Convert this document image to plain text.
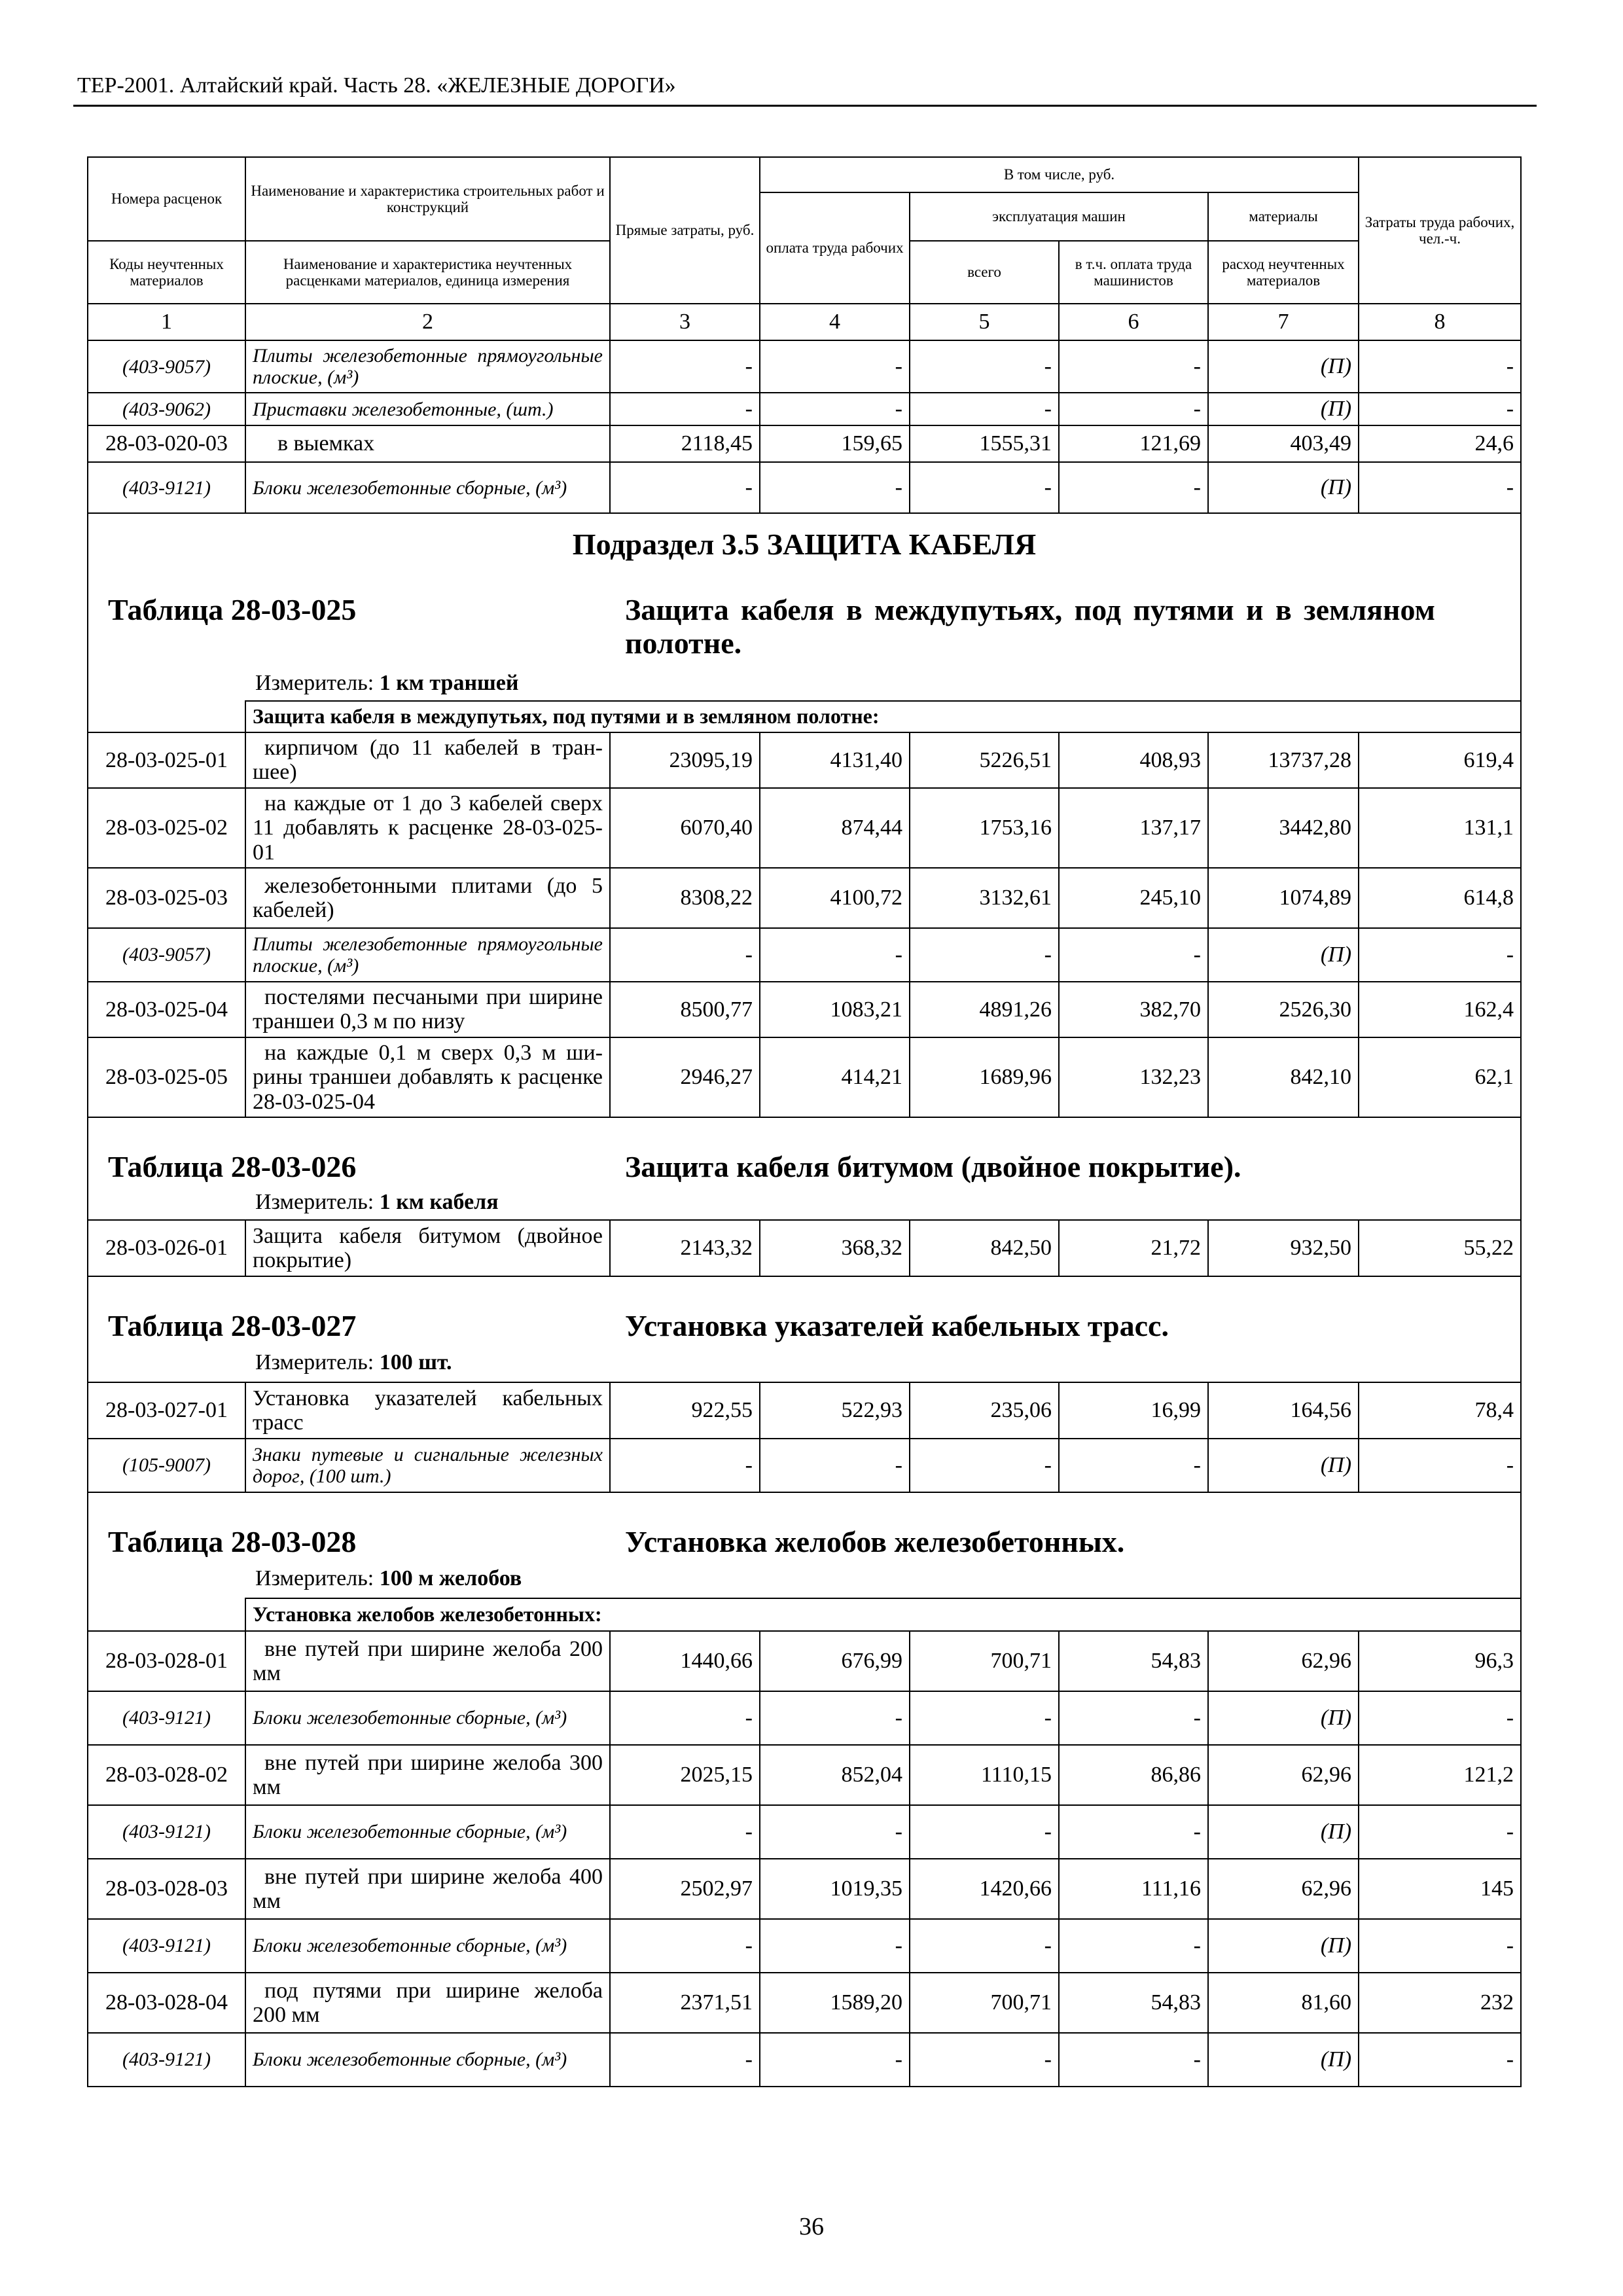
ТЕР-2001. Алтайский край. Часть 28. «ЖЕЛЕЗНЫЕ ДОРОГИ»
Номера расценок	Наименование и характеристика строительных работ и конструкций	Прямые затраты, руб.	В том числе, руб.				Затраты труда рабочих, чел.-ч.
			оплата труда рабочих	эксплуатация машин		материалы	
Коды неучтенных материалов	Наименование и характеристика неучтенных расценками материалов, единица измерения			всего	в т.ч. оплата труда машинистов	расход неучтенных материалов	
1	2	3	4	5	6	7	8
(403-9057)	Плиты железобетонные прямоугольные плоские, (м³)	-	-	-	-	(П)	-
(403-9062)	Приставки железобетонные, (шт.)	-	-	-	-	(П)	-
28-03-020-03	в выемках	2118,45	159,65	1555,31	121,69	403,49	24,6
(403-9121)	Блоки железобетонные сборные, (м³)	-	-	-	-	(П)	-

Подраздел 3.5 ЗАЩИТА КАБЕЛЯ
Таблица 28-03-025 Защита кабеля в междупутьях, под путями и в земляном полотне.
Измеритель: 1 км траншей							

	Защита кабеля в междупутьях, под путями и в земляном полотне:						
28-03-025-01	кирпичом (до 11 кабелей в траншее)	23095,19	4131,40	5226,51	408,93	13737,28	619,4
28-03-025-02	на каждые от 1 до 3 кабелей сверх 11 добавлять к расценке 28-03-025-01	6070,40	874,44	1753,16	137,17	3442,80	131,1
28-03-025-03	железобетонными плитами (до 5 кабелей)	8308,22	4100,72	3132,61	245,10	1074,89	614,8
(403-9057)	Плиты железобетонные прямоугольные плоские, (м³)	-	-	-	-	(П)	-
28-03-025-04	постелями песчаными при ширине траншеи 0,3 м по низу	8500,77	1083,21	4891,26	382,70	2526,30	162,4
28-03-025-05	на каждые 0,1 м сверх 0,3 м ширины траншеи добавлять к расценке 28-03-025-04	2946,27	414,21	1689,96	132,23	842,10	62,1

Таблица 28-03-026 Защита кабеля битумом (двойное покрытие).
Измеритель: 1 км кабеля							

28-03-026-01	Защита кабеля битумом (двойное покрытие)	2143,32	368,32	842,50	21,72	932,50	55,22

Таблица 28-03-027 Установка указателей кабельных трасс.
Измеритель: 100 шт.							

28-03-027-01	Установка указателей кабельных трасс	922,55	522,93	235,06	16,99	164,56	78,4
(105-9007)	Знаки путевые и сигнальные железных дорог, (100 шт.)	-	-	-	-	(П)	-

Таблица 28-03-028 Установка желобов железобетонных.
Измеритель: 100 м желобов							

	Установка желобов железобетонных:						
28-03-028-01	вне путей при ширине желоба 200 мм	1440,66	676,99	700,71	54,83	62,96	96,3
(403-9121)	Блоки железобетонные сборные, (м³)	-	-	-	-	(П)	-
28-03-028-02	вне путей при ширине желоба 300 мм	2025,15	852,04	1110,15	86,86	62,96	121,2
(403-9121)	Блоки железобетонные сборные, (м³)	-	-	-	-	(П)	-
28-03-028-03	вне путей при ширине желоба 400 мм	2502,97	1019,35	1420,66	111,16	62,96	145
(403-9121)	Блоки железобетонные сборные, (м³)	-	-	-	-	(П)	-
28-03-028-04	под путями при ширине желоба 200 мм	2371,51	1589,20	700,71	54,83	81,60	232
(403-9121)	Блоки железобетонные сборные, (м³)	-	-	-	-	(П)	-
36
